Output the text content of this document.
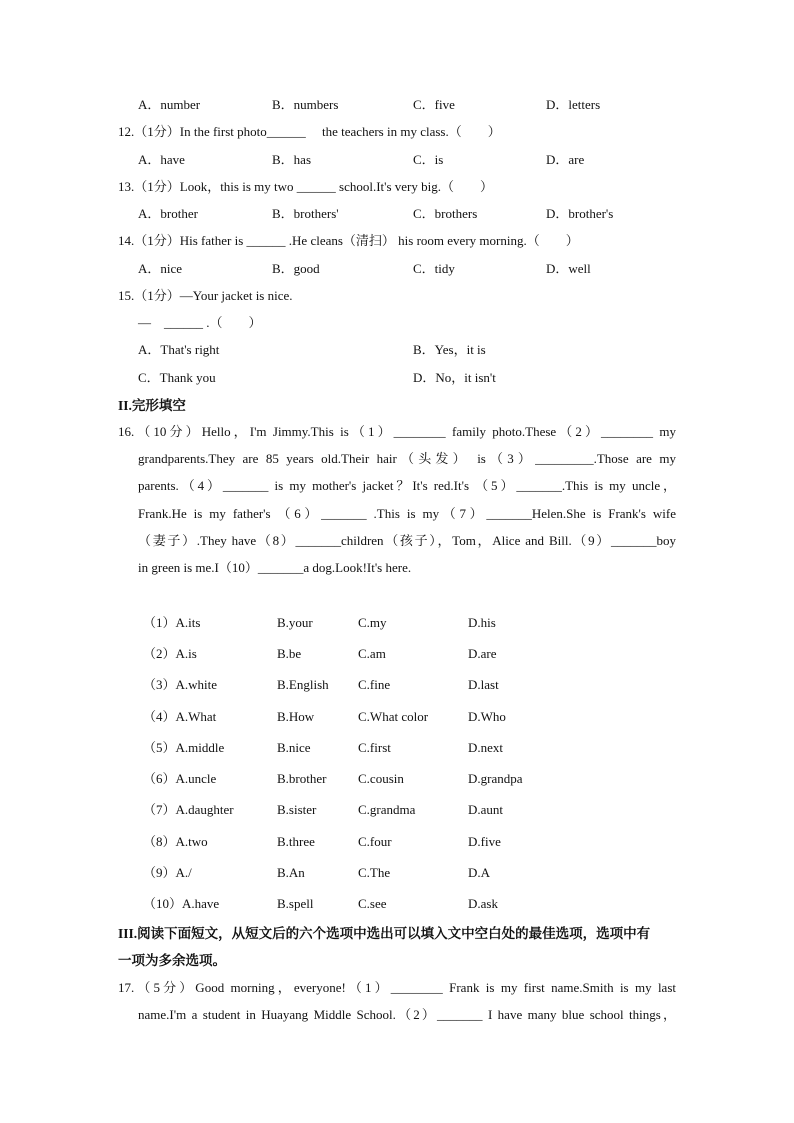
A．number	B．numbers	C．five	D．letters
12.（1分）In the first photo______　 the teachers in my class.（　　）
A．have	B．has	C．is	D．are
13.（1分）Look，this is my two ______ school.It's very big.（　　）
A．brother	B．brothers'	C．brothers	D．brother's
14.（1分）His father is ______ .He cleans（清扫） his room every morning.（　　）
A．nice	B．good	C．tidy	D．well
15.（1分）—Your jacket is nice.
—　______ .（　　）
A．That's right	B．Yes，it is
C．Thank you	D．No，it isn't
II.完形填空
16.（10分）Hello，I'm Jimmy.This is（1）________ family photo.These（2）________ my
grandparents.They are 85 years old.Their hair（头发） is（3）_________.Those are my
parents.（4）_______ is my mother's jacket？It's red.It's （5）_______.This is my uncle，
Frank.He is my father's （6）_______ .This is my（7）_______Helen.She is Frank's wife
（妻子）.They have（8）_______children（孩子），Tom，Alice and Bill.（9）_______boy
in green is me.I（10）_______a dog.Look!It's here.
（1）A.its	B.your	C.my	D.his
（2）A.is	B.be	C.am	D.are
（3）A.white	B.English C.fine	D.last
（4）A.What	B.How	C.What color	D.Who
（5）A.middle	B.nice	C.first	D.next
（6）A.uncle	B.brother C.cousin	D.grandpa
（7）A.daughter	B.sister	C.grandma	D.aunt
（8）A.two	B.three	C.four	D.five
（9）A./	B.An	C.The	D.A
（10）A.have	B.spell	C.see	D.ask
III.阅读下面短文，从短文后的六个选项中选出可以填入文中空白处的最佳选项，选项中有
一项为多余选项。
17.（5分）Good morning，everyone!（1）________ Frank is my first name.Smith is my last
name.I'm a student in Huayang Middle School.（2）_______ I have many blue school things，
